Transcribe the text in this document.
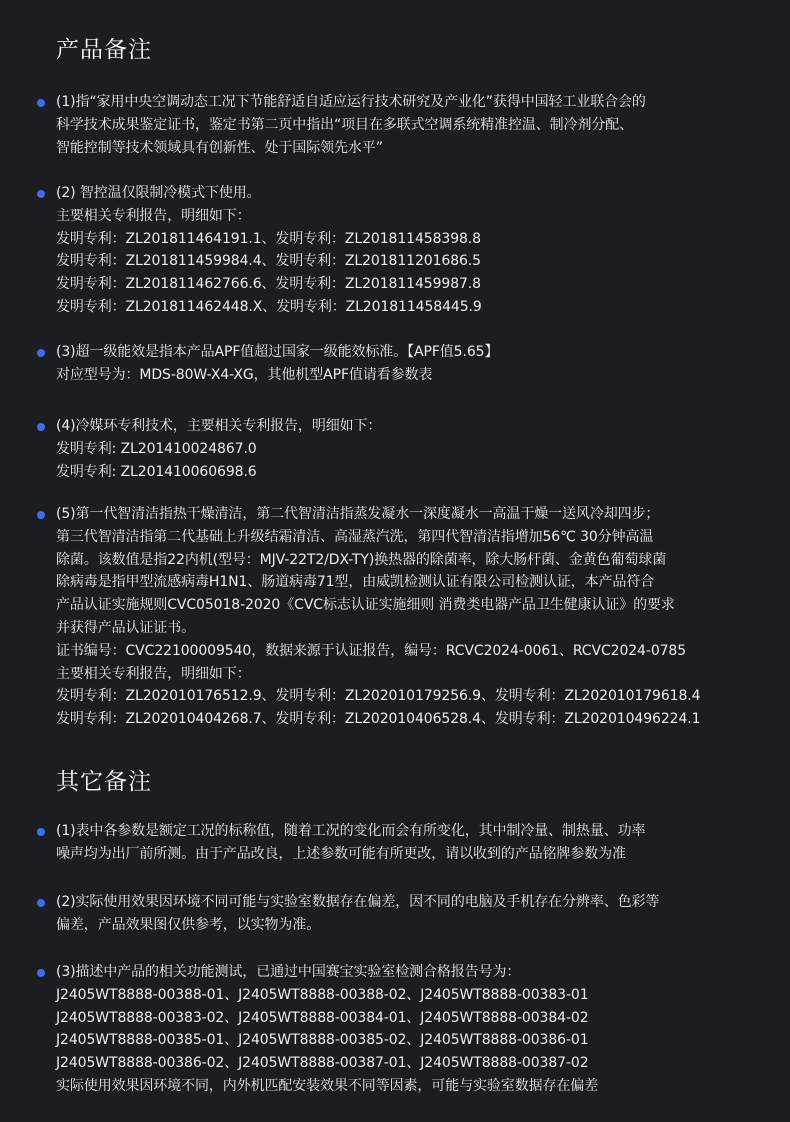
产品备注
(1)指“家用中央空调动态工况下节能舒适自适应运行技术研究及产业化”获得中国轻工业联合会的
科学技术成果鉴定证书，鉴定书第二页中指出“项目在多联式空调系统精准控温、制冷剂分配、
智能控制等技术领域具有创新性、处于国际领先水平”
(2) 智控温仅限制冷模式下使用。
主要相关专利报告，明细如下：
发明专利：ZL201811464191.1、发明专利：ZL201811458398.8
发明专利：ZL201811459984.4、发明专利：ZL201811201686.5
发明专利：ZL201811462766.6、发明专利：ZL201811459987.8
发明专利：ZL201811462448.X、发明专利：ZL201811458445.9
(3)超一级能效是指本产品APF值超过国家一级能效标准。【APF值5.65】
对应型号为：MDS-80W-X4-XG，其他机型APF值请看参数表
(4)冷媒环专利技术，主要相关专利报告，明细如下：
发明专利: ZL201410024867.0
发明专利: ZL201410060698.6
(5)第一代智清洁指热干燥清洁，第二代智清洁指蒸发凝水一深度凝水一高温干燥一送风冷却四步；
第三代智清洁指第二代基础上升级结霜清洁、高湿蒸汽洗，第四代智清洁指增加56℃ 30分钟高温
除菌。该数值是指22内机(型号：MJV-22T2/DX-TY)换热器的除菌率，除大肠杆菌、金黄色葡萄球菌
除病毒是指甲型流感病毒H1N1、肠道病毒71型，由威凯检测认证有限公司检测认证，本产品符合
产品认证实施规则CVC05018-2020《CVC标志认证实施细则 消费类电器产品卫生健康认证》的要求
并获得产品认证证书。
证书编号：CVC22100009540，数据来源于认证报告，编号：RCVC2024-0061、RCVC2024-0785
主要相关专利报告，明细如下：
发明专利：ZL202010176512.9、发明专利：ZL202010179256.9、发明专利：ZL202010179618.4
发明专利：ZL202010404268.7、发明专利：ZL202010406528.4、发明专利：ZL202010496224.1
其它备注
(1)表中各参数是额定工况的标称值，随着工况的变化而会有所变化，其中制冷量、制热量、功率
噪声均为出厂前所测。由于产品改良，上述参数可能有所更改，请以收到的产品铭牌参数为准
(2)实际使用效果因环境不同可能与实验室数据存在偏差，因不同的电脑及手机存在分辨率、色彩等
偏差，产品效果图仅供参考，以实物为准。
(3)描述中产品的相关功能测试，已通过中国赛宝实验室检测合格报告号为：
J2405WT8888-00388-01、J2405WT8888-00388-02、J2405WT8888-00383-01
J2405WT8888-00383-02、J2405WT8888-00384-01、J2405WT8888-00384-02
J2405WT8888-00385-01、J2405WT8888-00385-02、J2405WT8888-00386-01
J2405WT8888-00386-02、J2405WT8888-00387-01、J2405WT8888-00387-02
实际使用效果因环境不同，内外机匹配安装效果不同等因素，可能与实验室数据存在偏差
